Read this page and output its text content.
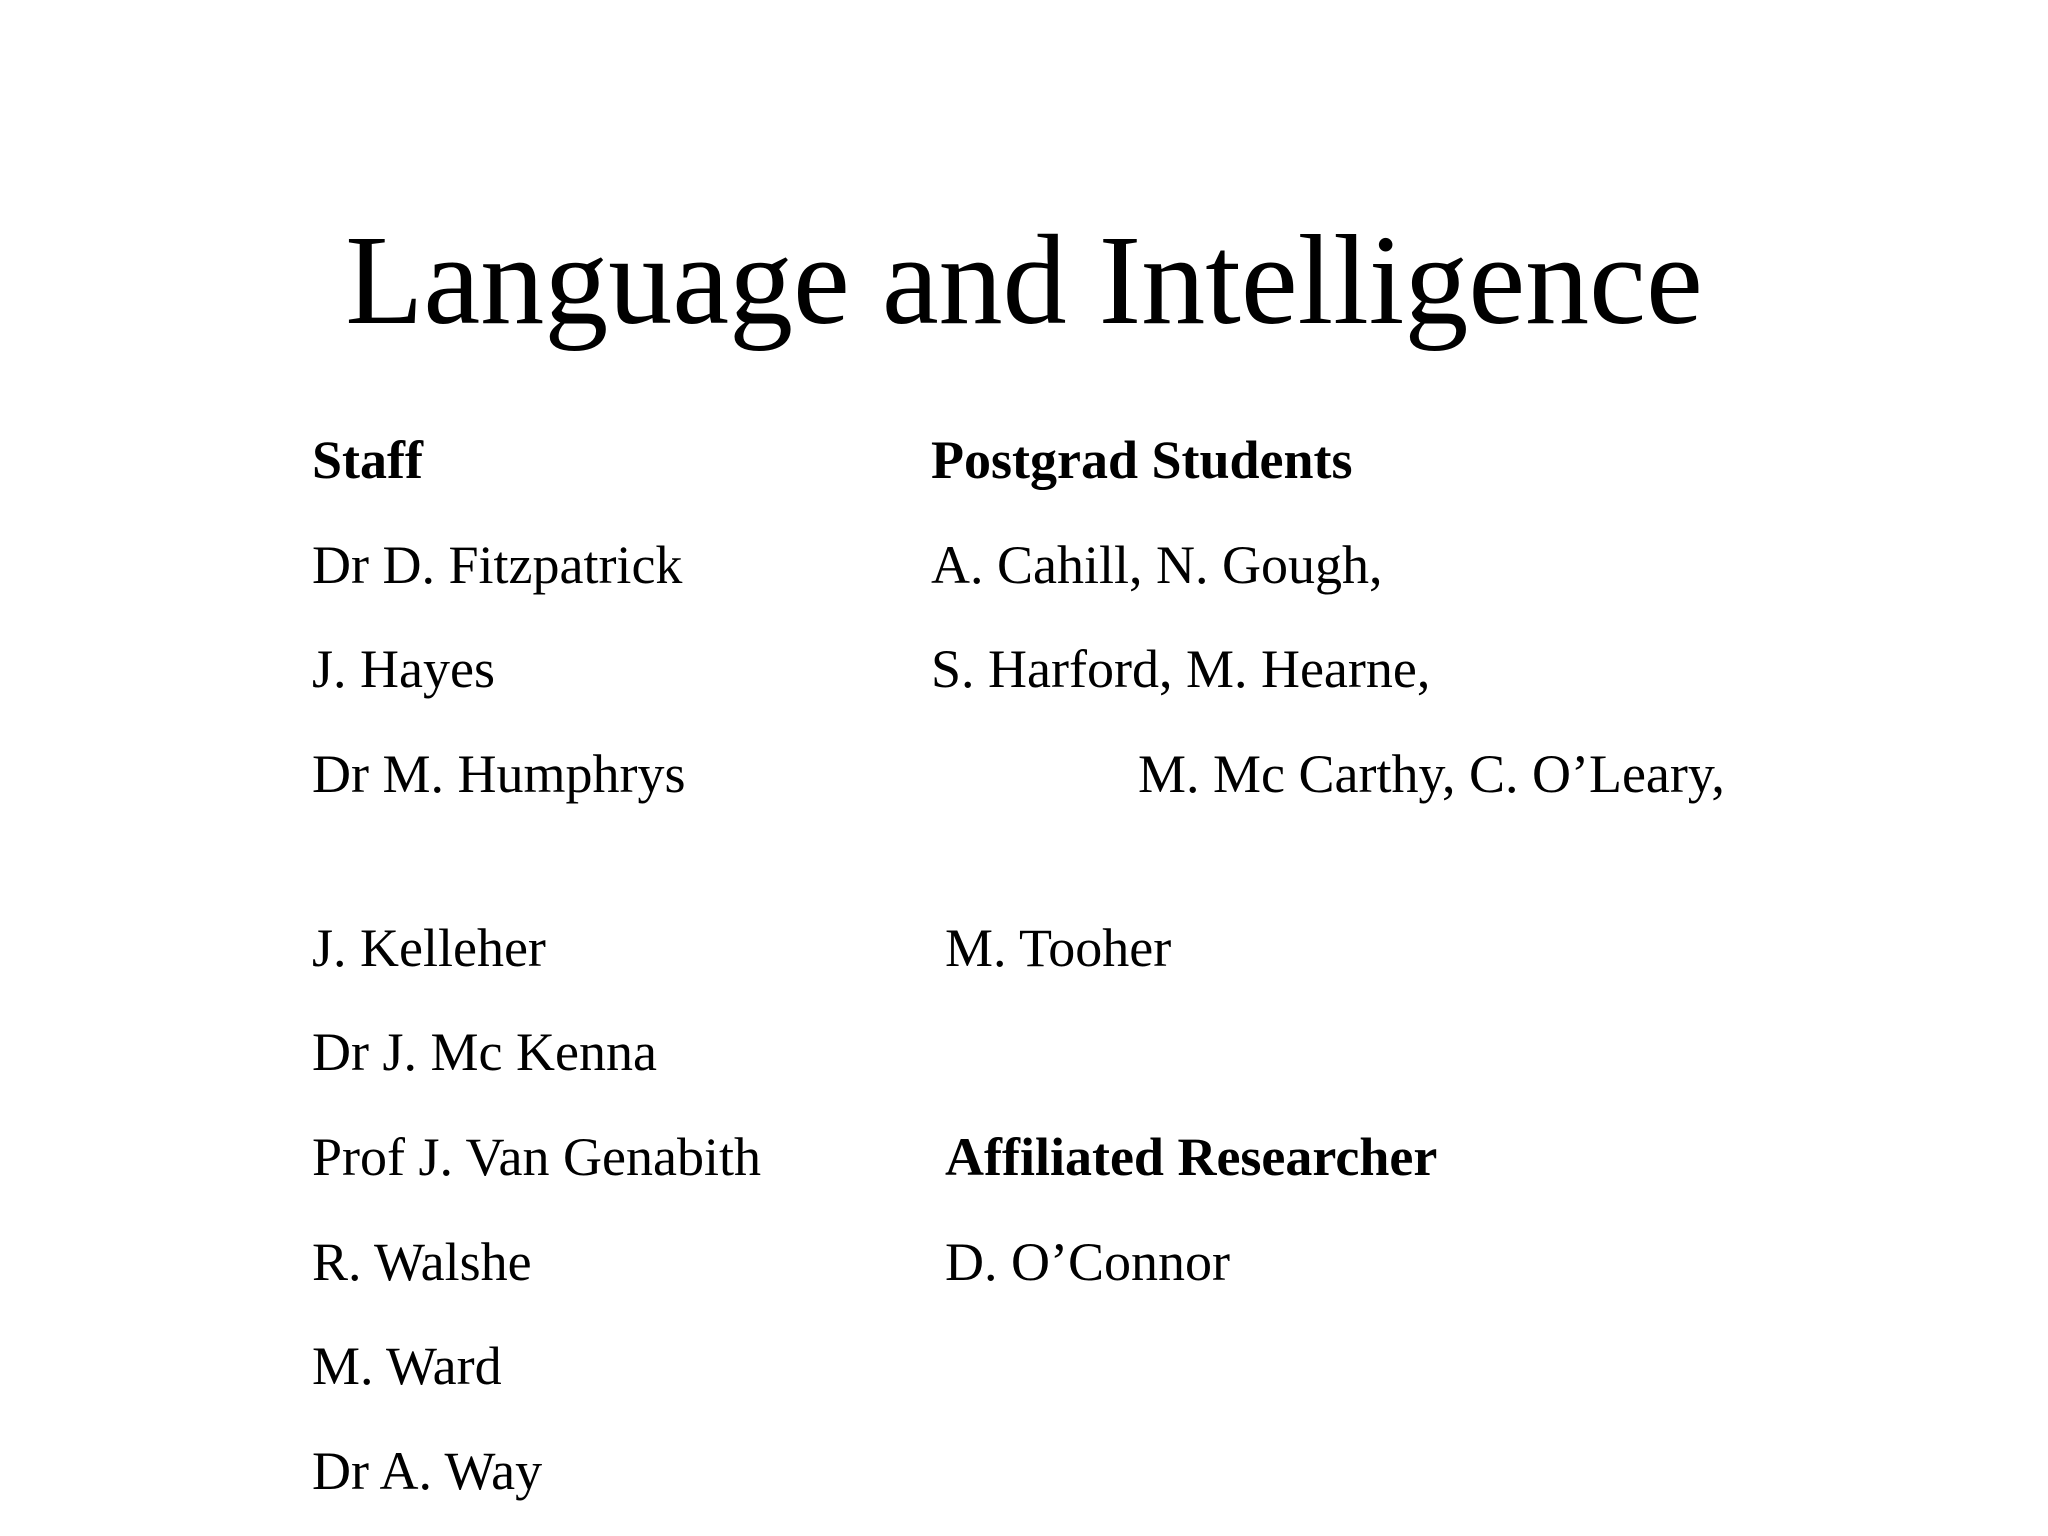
Language and Intelligence
Staff
Dr D. Fitzpatrick
J. Hayes
Dr M. Humphrys
J. Kelleher
Dr J. Mc Kenna
Prof J. Van Genabith
R. Walshe
M. Ward
Dr A. Way
Postgrad Students
A. Cahill, N. Gough,
S. Harford, M. Hearne,
M. Mc Carthy, C. O’Leary,
M. Tooher
Affiliated Researcher
D. O’Connor
